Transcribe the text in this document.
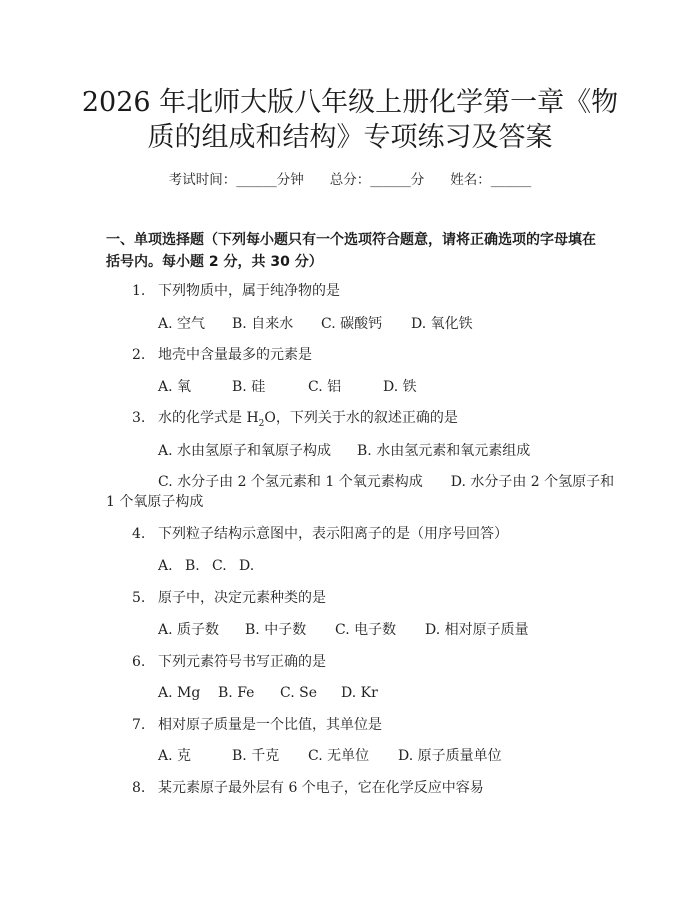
2026 年北师大版八年级上册化学第一章《物
质的组成和结构》专项练习及答案
考试时间：______分钟 总分：______分 姓名：______
一、单项选择题（下列每小题只有一个选项符合题意，请将正确选项的字母填在括号内。每小题 2 分，共 30 分）
1. 下列物质中，属于纯净物的是
A. 空气 B. 自来水 C. 碳酸钙 D. 氧化铁
2. 地壳中含量最多的元素是
A. 氧	B. 硅	C. 铝	D. 铁
3. 水的化学式是 $H_2O$，下列关于水的叙述正确的是
A. 水由氢原子和氧原子构成 B. 水由氢元素和氧元素组成
C. 水分子由 2 个氢元素和 1 个氧元素构成　　D. 水分子由 2 个氢原子和
1 个氧原子构成
4. 下列粒子结构示意图中，表示阳离子的是（用序号回答）
A. B. C. D.
5. 原子中，决定元素种类的是
A. 质子数 B. 中子数 C. 电子数 D. 相对原子质量
6. 下列元素符号书写正确的是
A. Mg B. Fe C. Se D. Kr
7. 相对原子质量是一个比值，其单位是
A. 克	B. 千克 C. 无单位 D. 原子质量单位
8. 某元素原子最外层有 6 个电子，它在化学反应中容易
